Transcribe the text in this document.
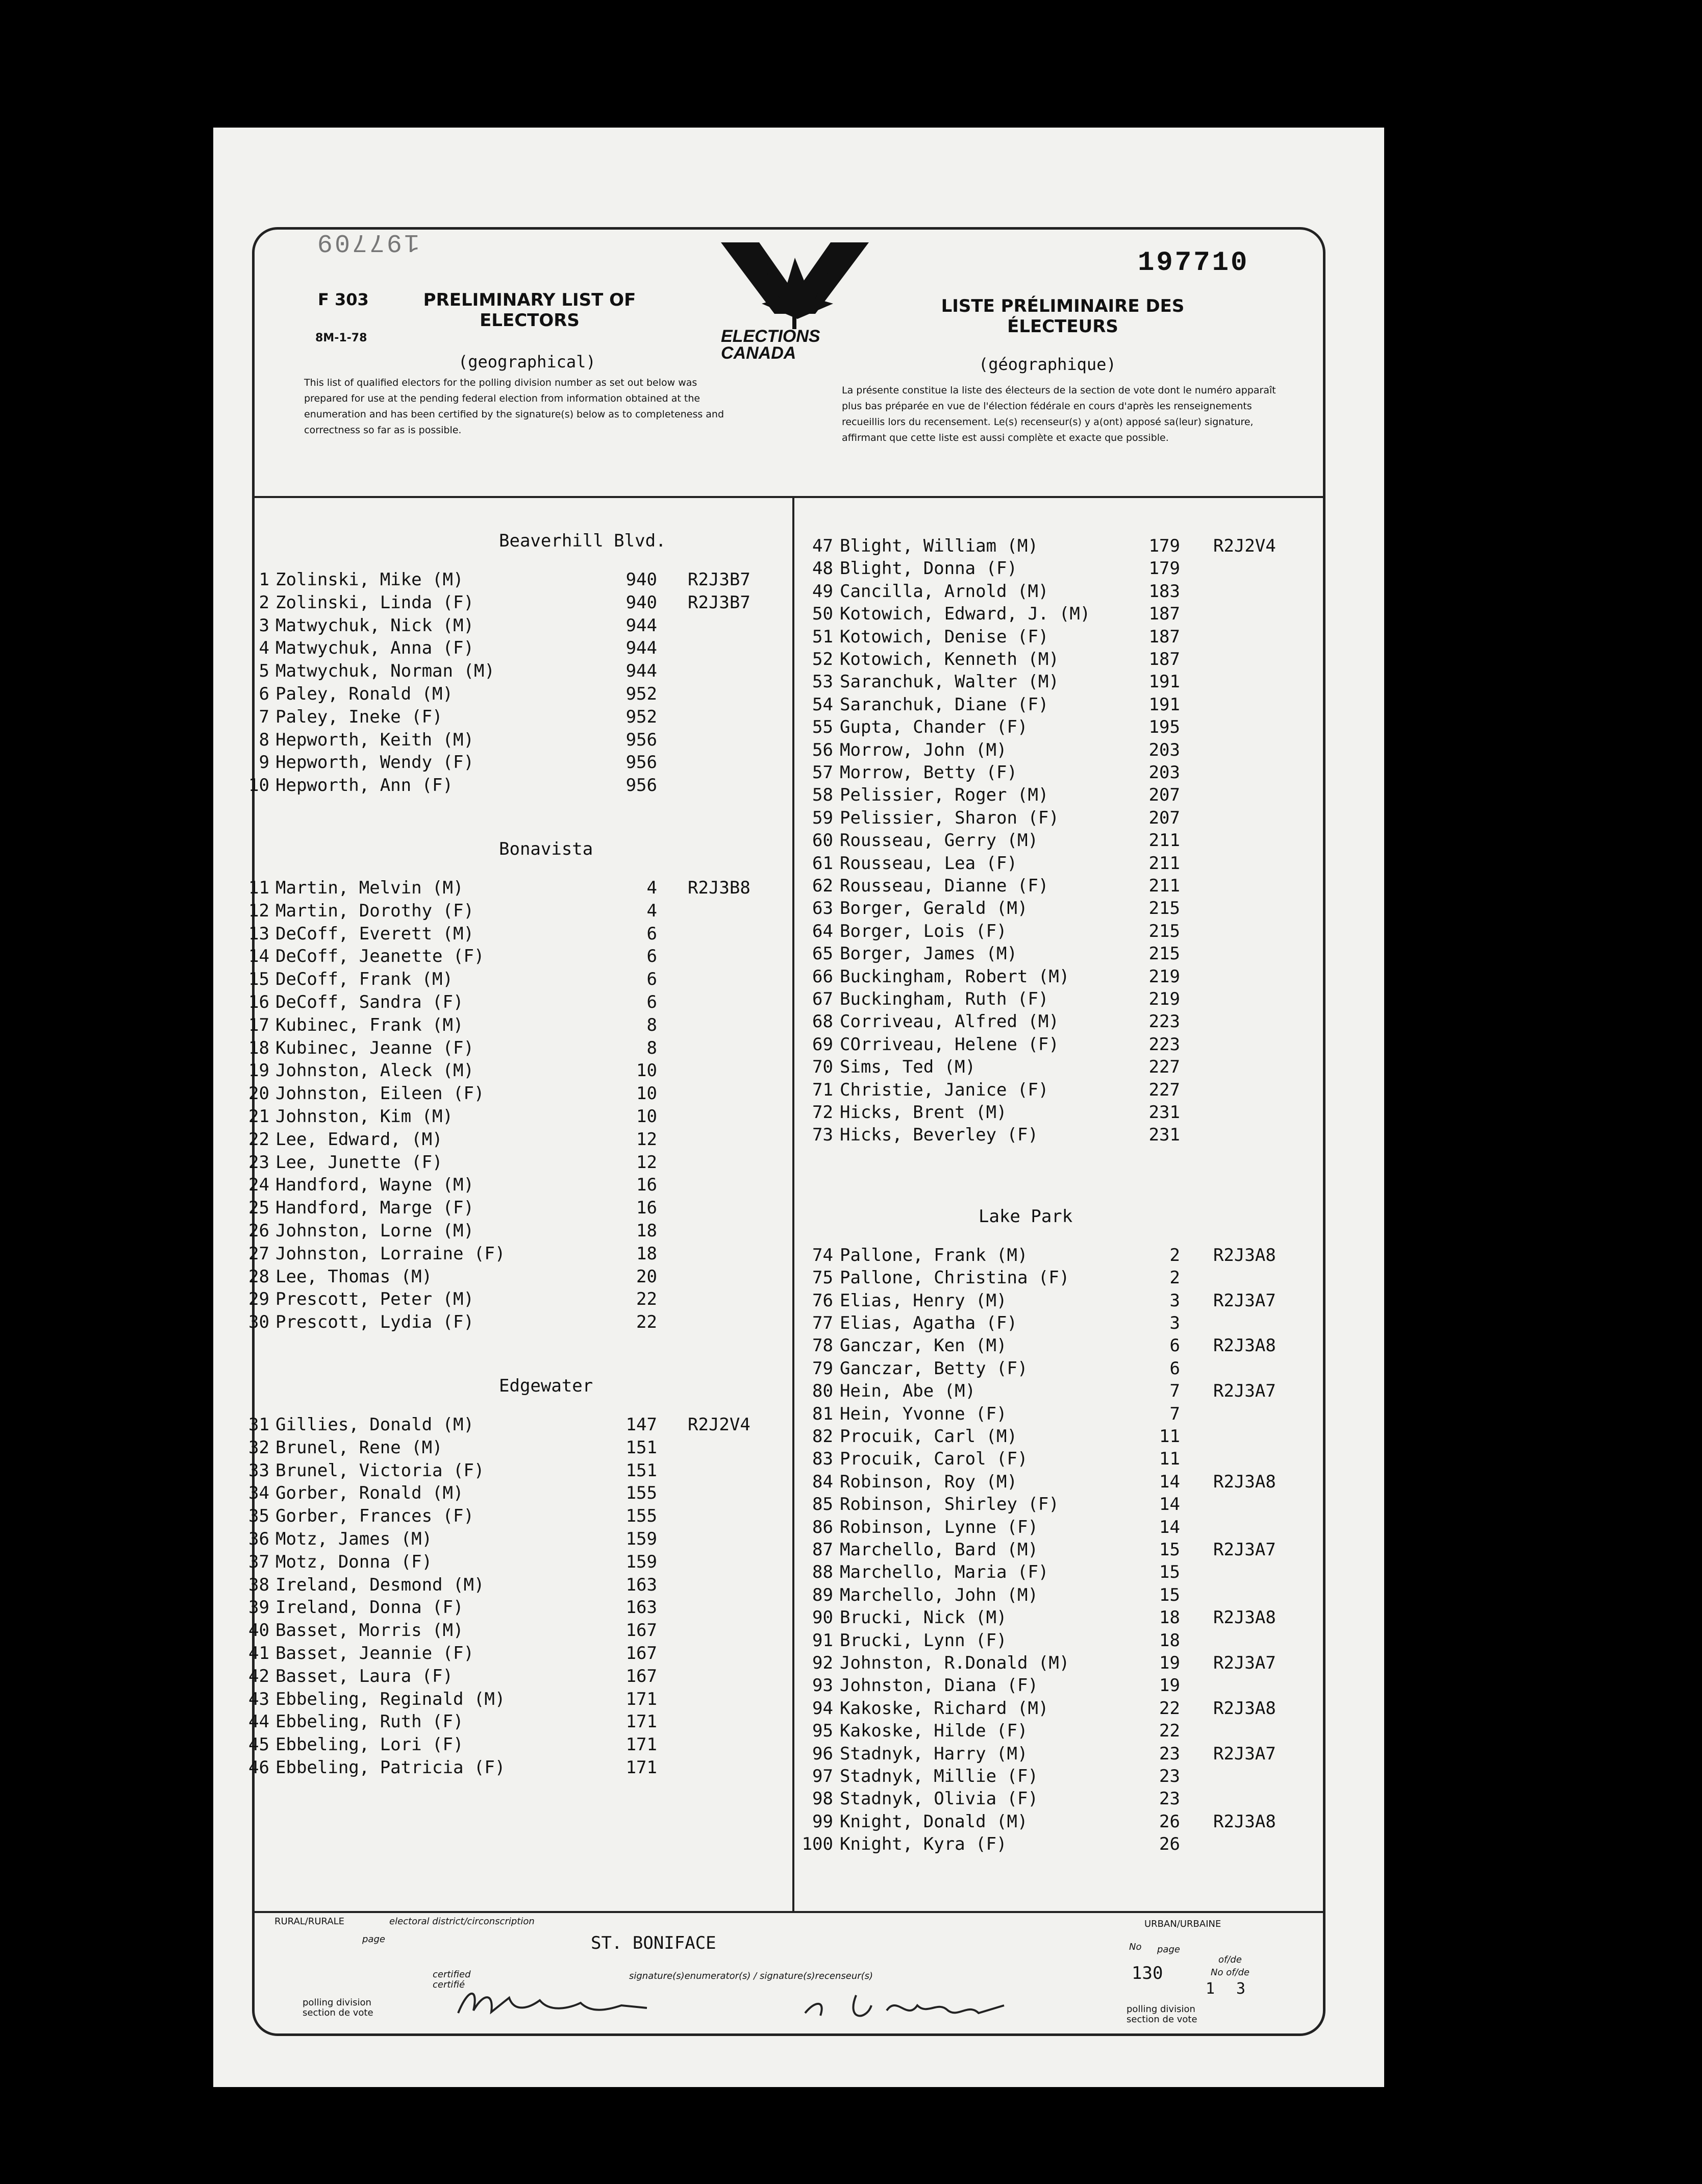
197709
197710
F 303
8M-1-78
PRELIMINARY LIST OF ELECTORS
(geographical)
ELECTIONS
CANADA
LISTE PRÉLIMINAIRE DES ÉLECTEURS
(géographique)
This list of qualified electors for the polling division number as set out below was prepared for use at the pending federal election from information obtained at the enumeration and has been certified by the signature(s) below as to completeness and correctness so far as is possible.
La présente constitue la liste des électeurs de la section de vote dont le numéro apparaît plus bas préparée en vue de l'élection fédérale en cours d'après les renseignements recueillis lors du recensement. Le(s) recenseur(s) y a(ont) apposé sa(leur) signature, affirmant que cette liste est aussi complète et exacte que possible.
Beaverhill Blvd.
1 Zolinski, Mike (M)	940 R2J3B7
2 Zolinski, Linda (F)	940 R2J3B7
3 Matwychuk, Nick (M)	944
4 Matwychuk, Anna (F)	944
5 Matwychuk, Norman (M)	944
6 Paley, Ronald (M)	952
7 Paley, Ineke (F)	952
8 Hepworth, Keith (M)	956
9 Hepworth, Wendy (F)	956
10 Hepworth, Ann (F)	956
Bonavista
11 Martin, Melvin (M)	4 R2J3B8
12 Martin, Dorothy (F)	4
13 DeCoff, Everett (M)	6
14 DeCoff, Jeanette (F)	6
15 DeCoff, Frank (M)	6
16 DeCoff, Sandra (F)	6
17 Kubinec, Frank (M)	8
18 Kubinec, Jeanne (F)	8
19 Johnston, Aleck (M)	10
20 Johnston, Eileen (F)	10
21 Johnston, Kim (M)	10
22 Lee, Edward, (M)	12
23 Lee, Junette (F)	12
24 Handford, Wayne (M)	16
25 Handford, Marge (F)	16
26 Johnston, Lorne (M)	18
27 Johnston, Lorraine (F)	18
28 Lee, Thomas (M)	20
29 Prescott, Peter (M)	22
30 Prescott, Lydia (F)	22
Edgewater
31 Gillies, Donald (M)	147 R2J2V4
32 Brunel, Rene (M)	151
33 Brunel, Victoria (F)	151
34 Gorber, Ronald (M)	155
35 Gorber, Frances (F)	155
36 Motz, James (M)	159
37 Motz, Donna (F)	159
38 Ireland, Desmond (M)	163
39 Ireland, Donna (F)	163
40 Basset, Morris (M)	167
41 Basset, Jeannie (F)	167
42 Basset, Laura (F)	167
43 Ebbeling, Reginald (M)	171
44 Ebbeling, Ruth (F)	171
45 Ebbeling, Lori (F)	171
46 Ebbeling, Patricia (F)	171
47 Blight, William (M)	179 R2J2V4
48 Blight, Donna (F)	179
49 Cancilla, Arnold (M)	183
50 Kotowich, Edward, J. (M)	187
51 Kotowich, Denise (F)	187
52 Kotowich, Kenneth (M)	187
53 Saranchuk, Walter (M)	191
54 Saranchuk, Diane (F)	191
55 Gupta, Chander (F)	195
56 Morrow, John (M)	203
57 Morrow, Betty (F)	203
58 Pelissier, Roger (M)	207
59 Pelissier, Sharon (F)	207
60 Rousseau, Gerry (M)	211
61 Rousseau, Lea (F)	211
62 Rousseau, Dianne (F)	211
63 Borger, Gerald (M)	215
64 Borger, Lois (F)	215
65 Borger, James (M)	215
66 Buckingham, Robert (M)	219
67 Buckingham, Ruth (F)	219
68 Corriveau, Alfred (M)	223
69 COrriveau, Helene (F)	223
70 Sims, Ted (M)	227
71 Christie, Janice (F)	227
72 Hicks, Brent (M)	231
73 Hicks, Beverley (F)	231
Lake Park
74 Pallone, Frank (M)	2 R2J3A8
75 Pallone, Christina (F)	2
76 Elias, Henry (M)	3 R2J3A7
77 Elias, Agatha (F)	3
78 Ganczar, Ken (M)	6 R2J3A8
79 Ganczar, Betty (F)	6
80 Hein, Abe (M)	7 R2J3A7
81 Hein, Yvonne (F)	7
82 Procuik, Carl (M)	11
83 Procuik, Carol (F)	11
84 Robinson, Roy (M)	14 R2J3A8
85 Robinson, Shirley (F)	14
86 Robinson, Lynne (F)	14
87 Marchello, Bard (M)	15 R2J3A7
88 Marchello, Maria (F)	15
89 Marchello, John (M)	15
90 Brucki, Nick (M)	18 R2J3A8
91 Brucki, Lynn (F)	18
92 Johnston, R.Donald (M)	19 R2J3A7
93 Johnston, Diana (F)	19
94 Kakoske, Richard (M)	22 R2J3A8
95 Kakoske, Hilde (F)	22
96 Stadnyk, Harry (M)	23 R2J3A7
97 Stadnyk, Millie (F)	23
98 Stadnyk, Olivia (F)	23
99 Knight, Donald (M)	26 R2J3A8
100 Knight, Kyra (F)	26
RURAL/RURALE
page
electoral district/circonscription
ST. BONIFACE
URBAN/URBAINE
page
No
No of/de
of/de
130
1 3
polling division section de vote
polling division section de vote
certified certifié
signature(s)enumerator(s) / signature(s)recenseur(s)
